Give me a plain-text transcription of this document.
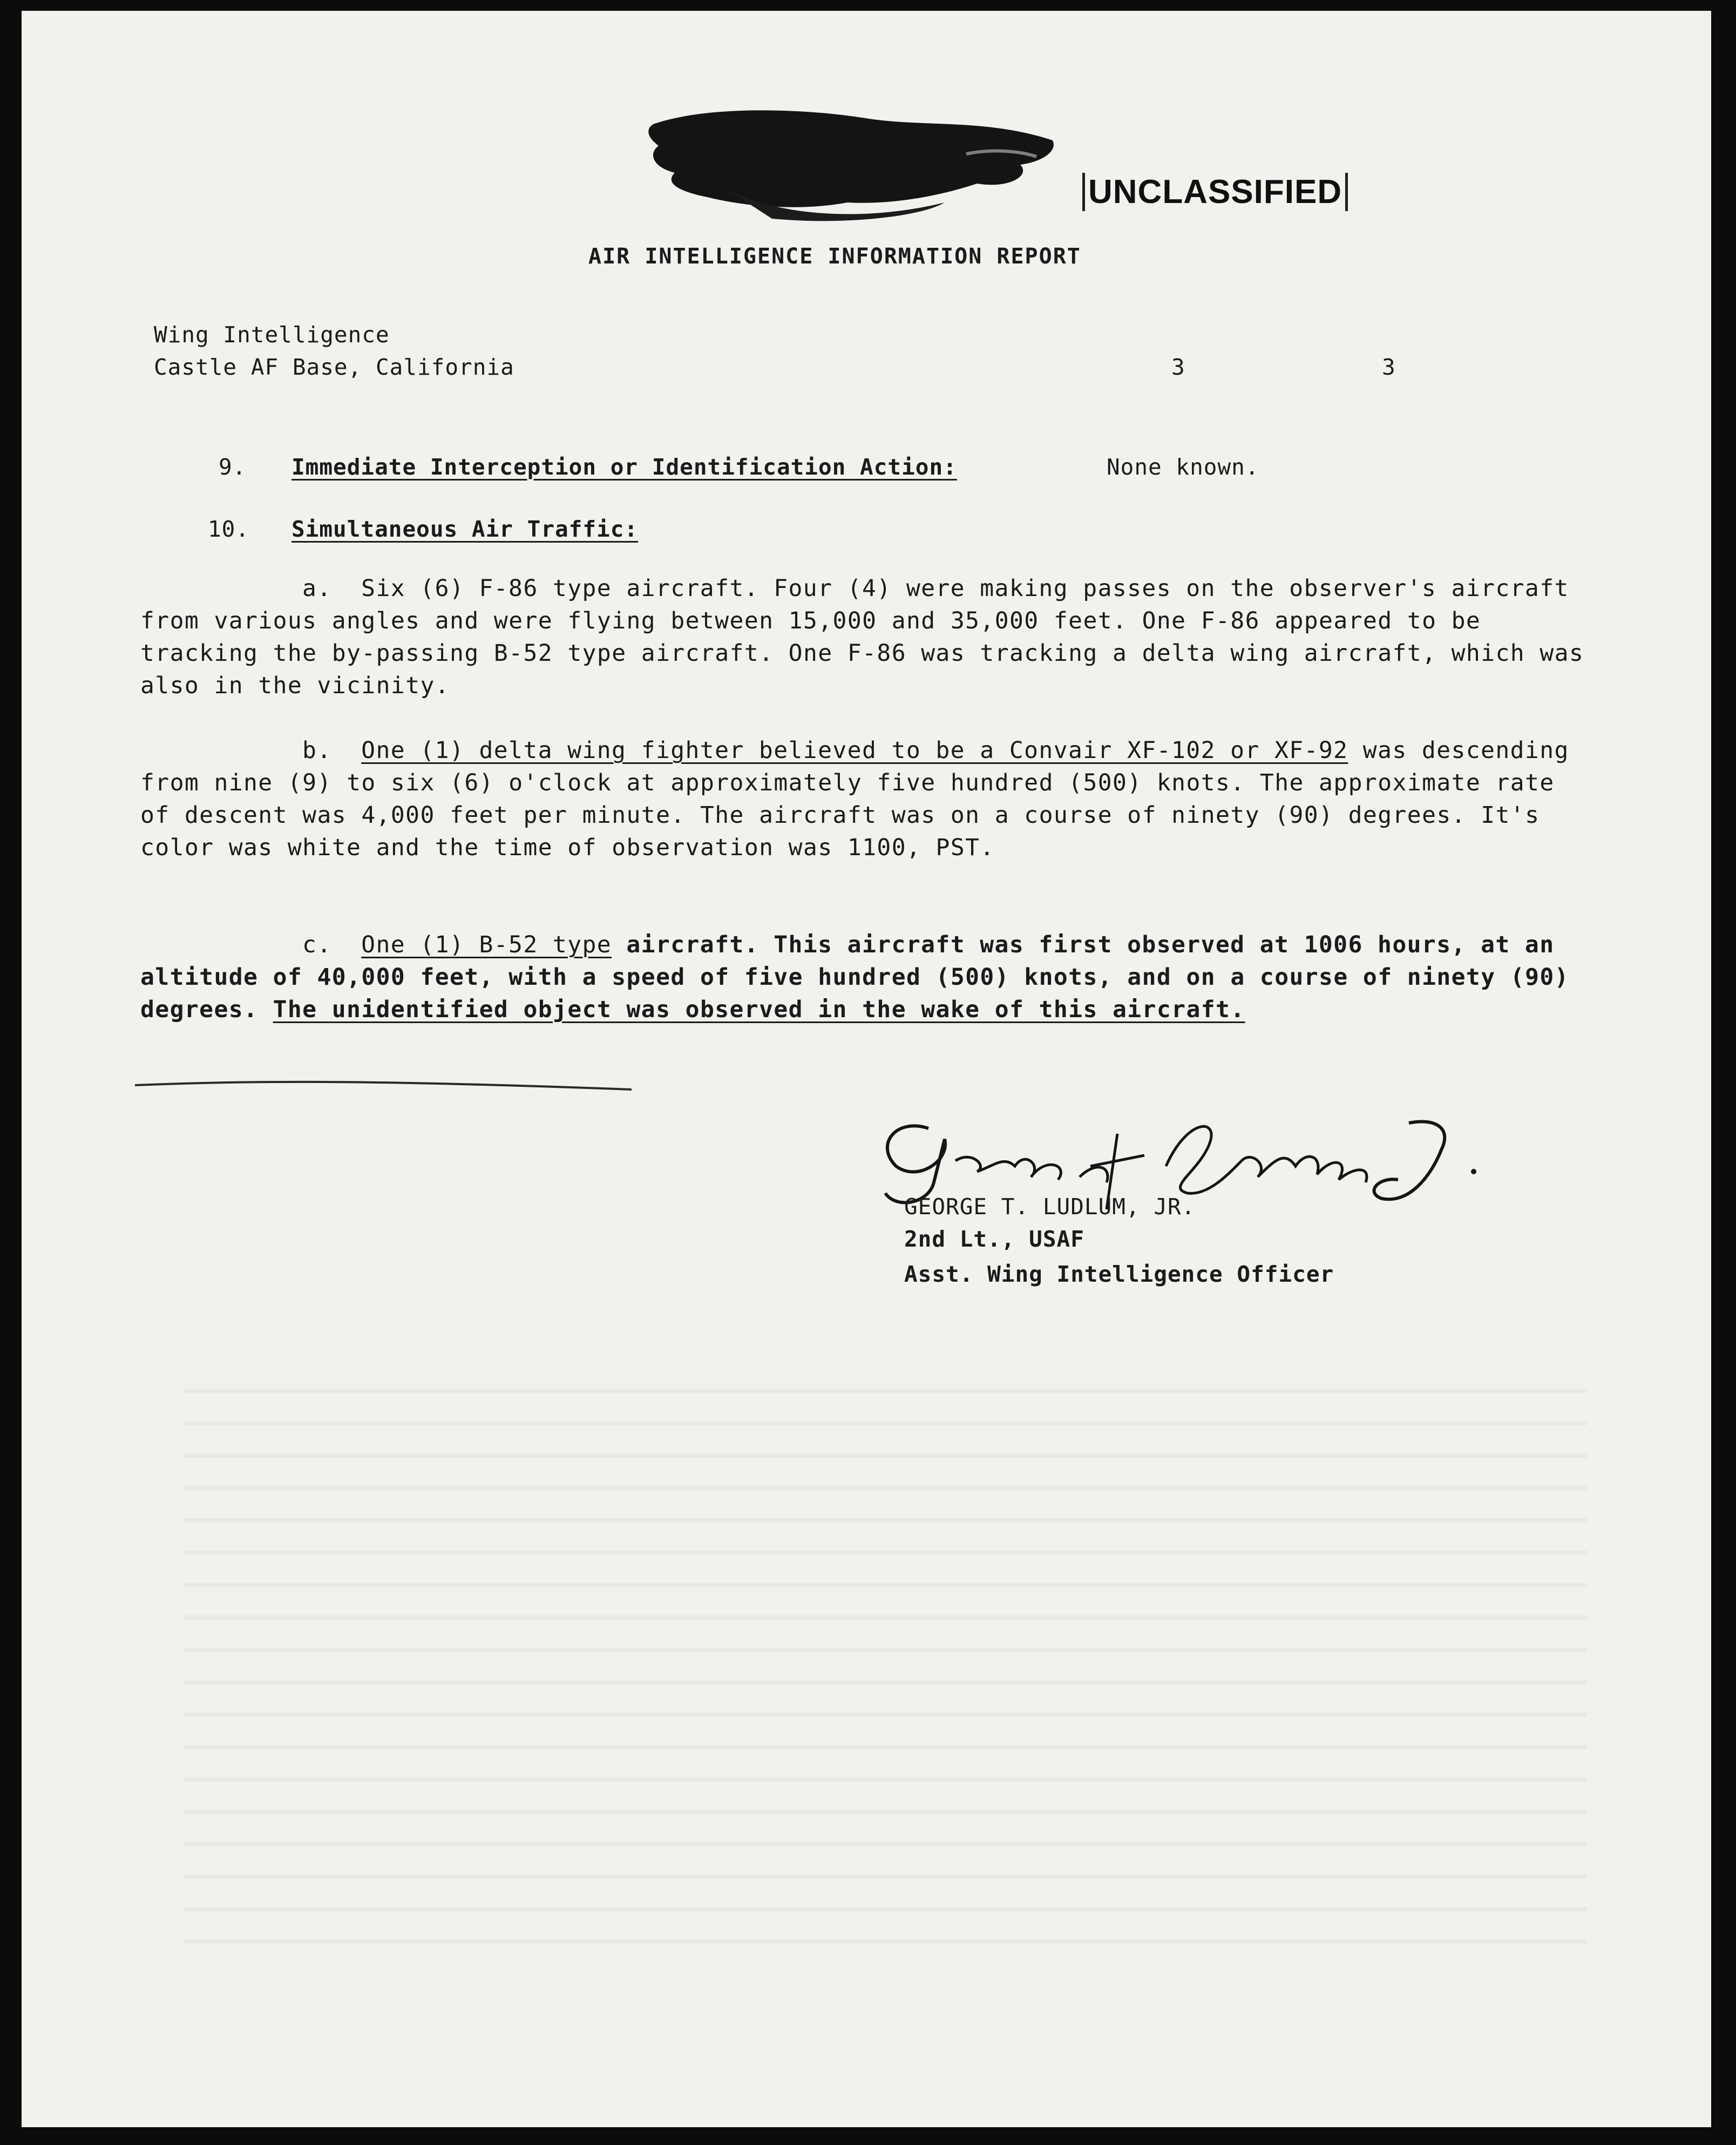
UNCLASSIFIED
AIR INTELLIGENCE INFORMATION REPORT
Wing Intelligence
Castle AF Base, California	3	3
9. Immediate Interception or Identification Action:	None known.
10. Simultaneous Air Traffic:
a. Six (6) F-86 type aircraft. Four (4) were making passes on the observer's aircraft from various angles and were flying between 15,000 and 35,000 feet. One F-86 appeared to be tracking the by-passing B-52 type aircraft. One F-86 was tracking a delta wing aircraft, which was also in the vicinity.
b. One (1) delta wing fighter believed to be a Convair XF-102 or XF-92 was descending from nine (9) to six (6) o'clock at approximately five hundred (500) knots. The approximate rate of descent was 4,000 feet per minute. The aircraft was on a course of ninety (90) degrees. It's color was white and the time of observation was 1100, PST.
c. One (1) B-52 type aircraft. This aircraft was first observed at 1006 hours, at an altitude of 40,000 feet, with a speed of five hundred (500) knots, and on a course of ninety (90) degrees. The unidentified object was observed in the wake of this aircraft.
GEORGE T. LUDLUM, JR.
2nd Lt., USAF
Asst. Wing Intelligence Officer
